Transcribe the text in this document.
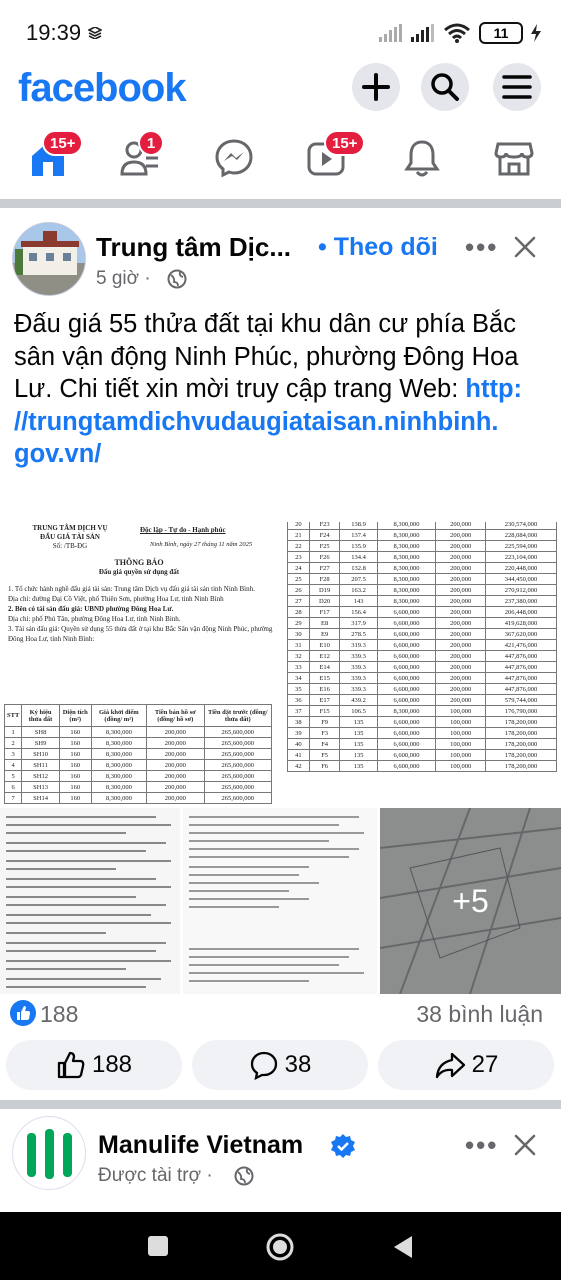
19:39	11
facebook
15+	1	15+
Trung tâm Dịc...	• Theo dõi •••
5 giờ ·
Đấu giá 55 thửa đất tại khu dân cư phía Bắc sân vận động Ninh Phúc, phường Đông Hoa Lư. Chi tiết xin mời truy cập trang Web: http:
//trungtamdichvudaugiataisan.ninhbinh.
gov.vn/
TRUNG TÂM DỊCH VỤ
ĐẤU GIÁ TÀI SẢN
Số: /TB-ĐG
Độc lập - Tự do - Hạnh phúc
Ninh Bình, ngày 27 tháng 11 năm 2025
THÔNG BÁO
Đấu giá quyền sử dụng đất
1. Tổ chức hành nghề đấu giá tài sản: Trung tâm Dịch vụ đấu giá tài sản tỉnh Ninh Bình.
Địa chỉ: đường Đại Cồ Việt, phố Thiên Sơn, phường Hoa Lư, tỉnh Ninh Bình
2. Bên có tài sản đấu giá: UBND phường Đông Hoa Lư.
Địa chỉ: phố Phú Tân, phường Đông Hoa Lư, tỉnh Ninh Bình.
3. Tài sản đấu giá: Quyền sử dụng 55 thửa đất ở tại khu Bắc Sân vận động Ninh Phúc, phường Đông Hoa Lư, tỉnh Ninh Bình:
STT	Ký hiệu thửa đất	Diện tích (m²)	Giá khởi điểm (đồng/ m²)	Tiền bán hồ sơ (đồng/ hồ sơ)	Tiền đặt trước (đồng/ thửa đất)
1	SH8	160	8,300,000	200,000	265,600,000
2	SH9	160	8,300,000	200,000	265,600,000
3	SH10	160	8,300,000	200,000	265,600,000
4	SH11	160	8,300,000	200,000	265,600,000
5	SH12	160	8,300,000	200,000	265,600,000
6	SH13	160	8,300,000	200,000	265,600,000
7	SH14	160	8,300,000	200,000	265,600,000
20	F23	138.9	8,300,000	200,000	230,574,000
21	F24	137.4	8,300,000	200,000	228,084,000
22	F25	135.9	8,300,000	200,000	225,594,000
23	F26	134.4	8,300,000	200,000	223,104,000
24	F27	132.8	8,300,000	200,000	220,448,000
25	F28	207.5	8,300,000	200,000	344,450,000
26	D19	163.2	8,300,000	200,000	270,912,000
27	D20	143	8,300,000	200,000	237,380,000
28	F17	156.4	6,600,000	200,000	206,448,000
29	E8	317.9	6,600,000	200,000	419,628,000
30	E9	278.5	6,600,000	200,000	367,620,000
31	E10	319.3	6,600,000	200,000	421,476,000
32	E12	339.3	6,600,000	200,000	447,876,000
33	E14	339.3	6,600,000	200,000	447,876,000
34	E15	339.3	6,600,000	200,000	447,876,000
35	E16	339.3	6,600,000	200,000	447,876,000
36	E17	439.2	6,600,000	200,000	579,744,000
37	F15	106.5	8,300,000	100,000	176,790,000
38	F9	135	6,600,000	100,000	178,200,000
39	F3	135	6,600,000	100,000	178,200,000
40	F4	135	6,600,000	100,000	178,200,000
41	F5	135	6,600,000	100,000	178,200,000
42	F6	135	6,600,000	100,000	178,200,000
+5
188	38 bình luận
188	38	27
Manulife Vietnam
Được tài trợ ·
•••
